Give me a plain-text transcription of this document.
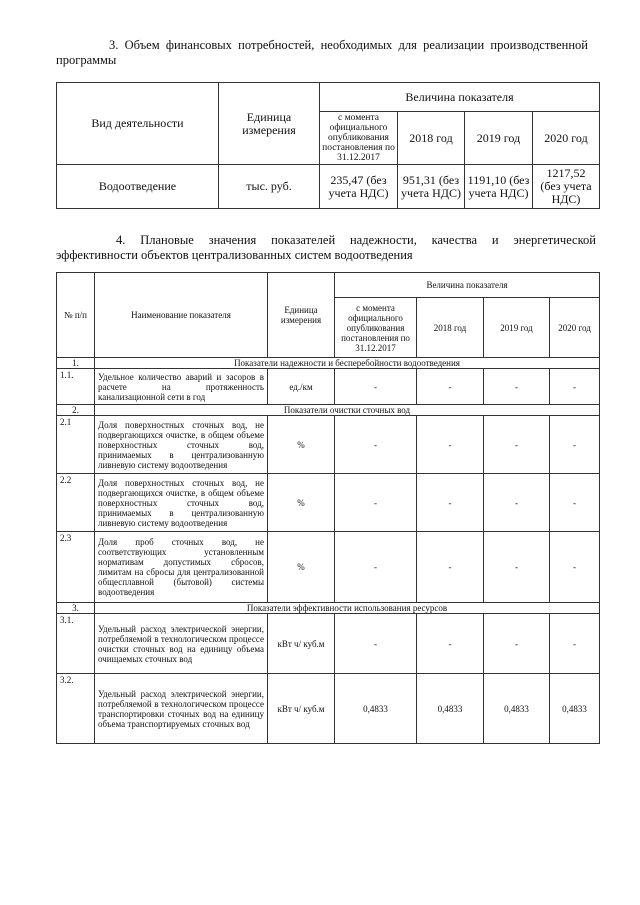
3. Объем финансовых потребностей, необходимых для реализации производственной программы

Вид деятельности	Единица измерения	Величина показателя			
		с момента официального опубликования постановления по 31.12.2017	2018 год	2019 год	2020 год
Водоотведение	тыс. руб.	235,47 (без учета НДС)	951,31 (без учета НДС)	1191,10 (без учета НДС)	1217,52 (без учета НДС)

4. Плановые значения показателей надежности, качества и энергетической эффективности объектов централизованных систем водоотведения

№ п/п	Наименование показателя	Единица измерения	Величина показателя			
			с момента официального опубликования постановления по 31.12.2017	2018 год	2019 год	2020 год
1.	Показатели надежности и бесперебойности водоотведения					
1.1.	Удельное количество аварий и засоров в расчете на протяженность канализационной сети в год	ед./км	-	-	-	-
2.	Показатели очистки сточных вод					
2.1	Доля поверхностных сточных вод, не подвергающихся очистке, в общем объеме поверхностных сточных вод, принимаемых в централизованную ливневую систему водоотведения	%	-	-	-	-
2.2	Доля поверхностных сточных вод, не подвергающихся очистке, в общем объеме поверхностных сточных вод, принимаемых в централизованную ливневую систему водоотведения	%	-	-	-	-
2.3	Доля проб сточных вод, не соответствующих установленным нормативам допустимых сбросов, лимитам на сбросы для централизованной общесплавной (бытовой) системы водоотведения	%	-	-	-	-
3.	Показатели эффективности использования ресурсов					
3.1.	Удельный расход электрической энергии, потребляемой в технологическом процессе очистки сточных вод на единицу объема очищаемых сточных вод	кВт ч/ куб.м	-	-	-	-
3.2.	Удельный расход электрической энергии, потребляемой в технологическом процессе транспортировки сточных вод на единицу объема транспортируемых сточных вод	кВт ч/ куб.м	0,4833	0,4833	0,4833	0,4833
